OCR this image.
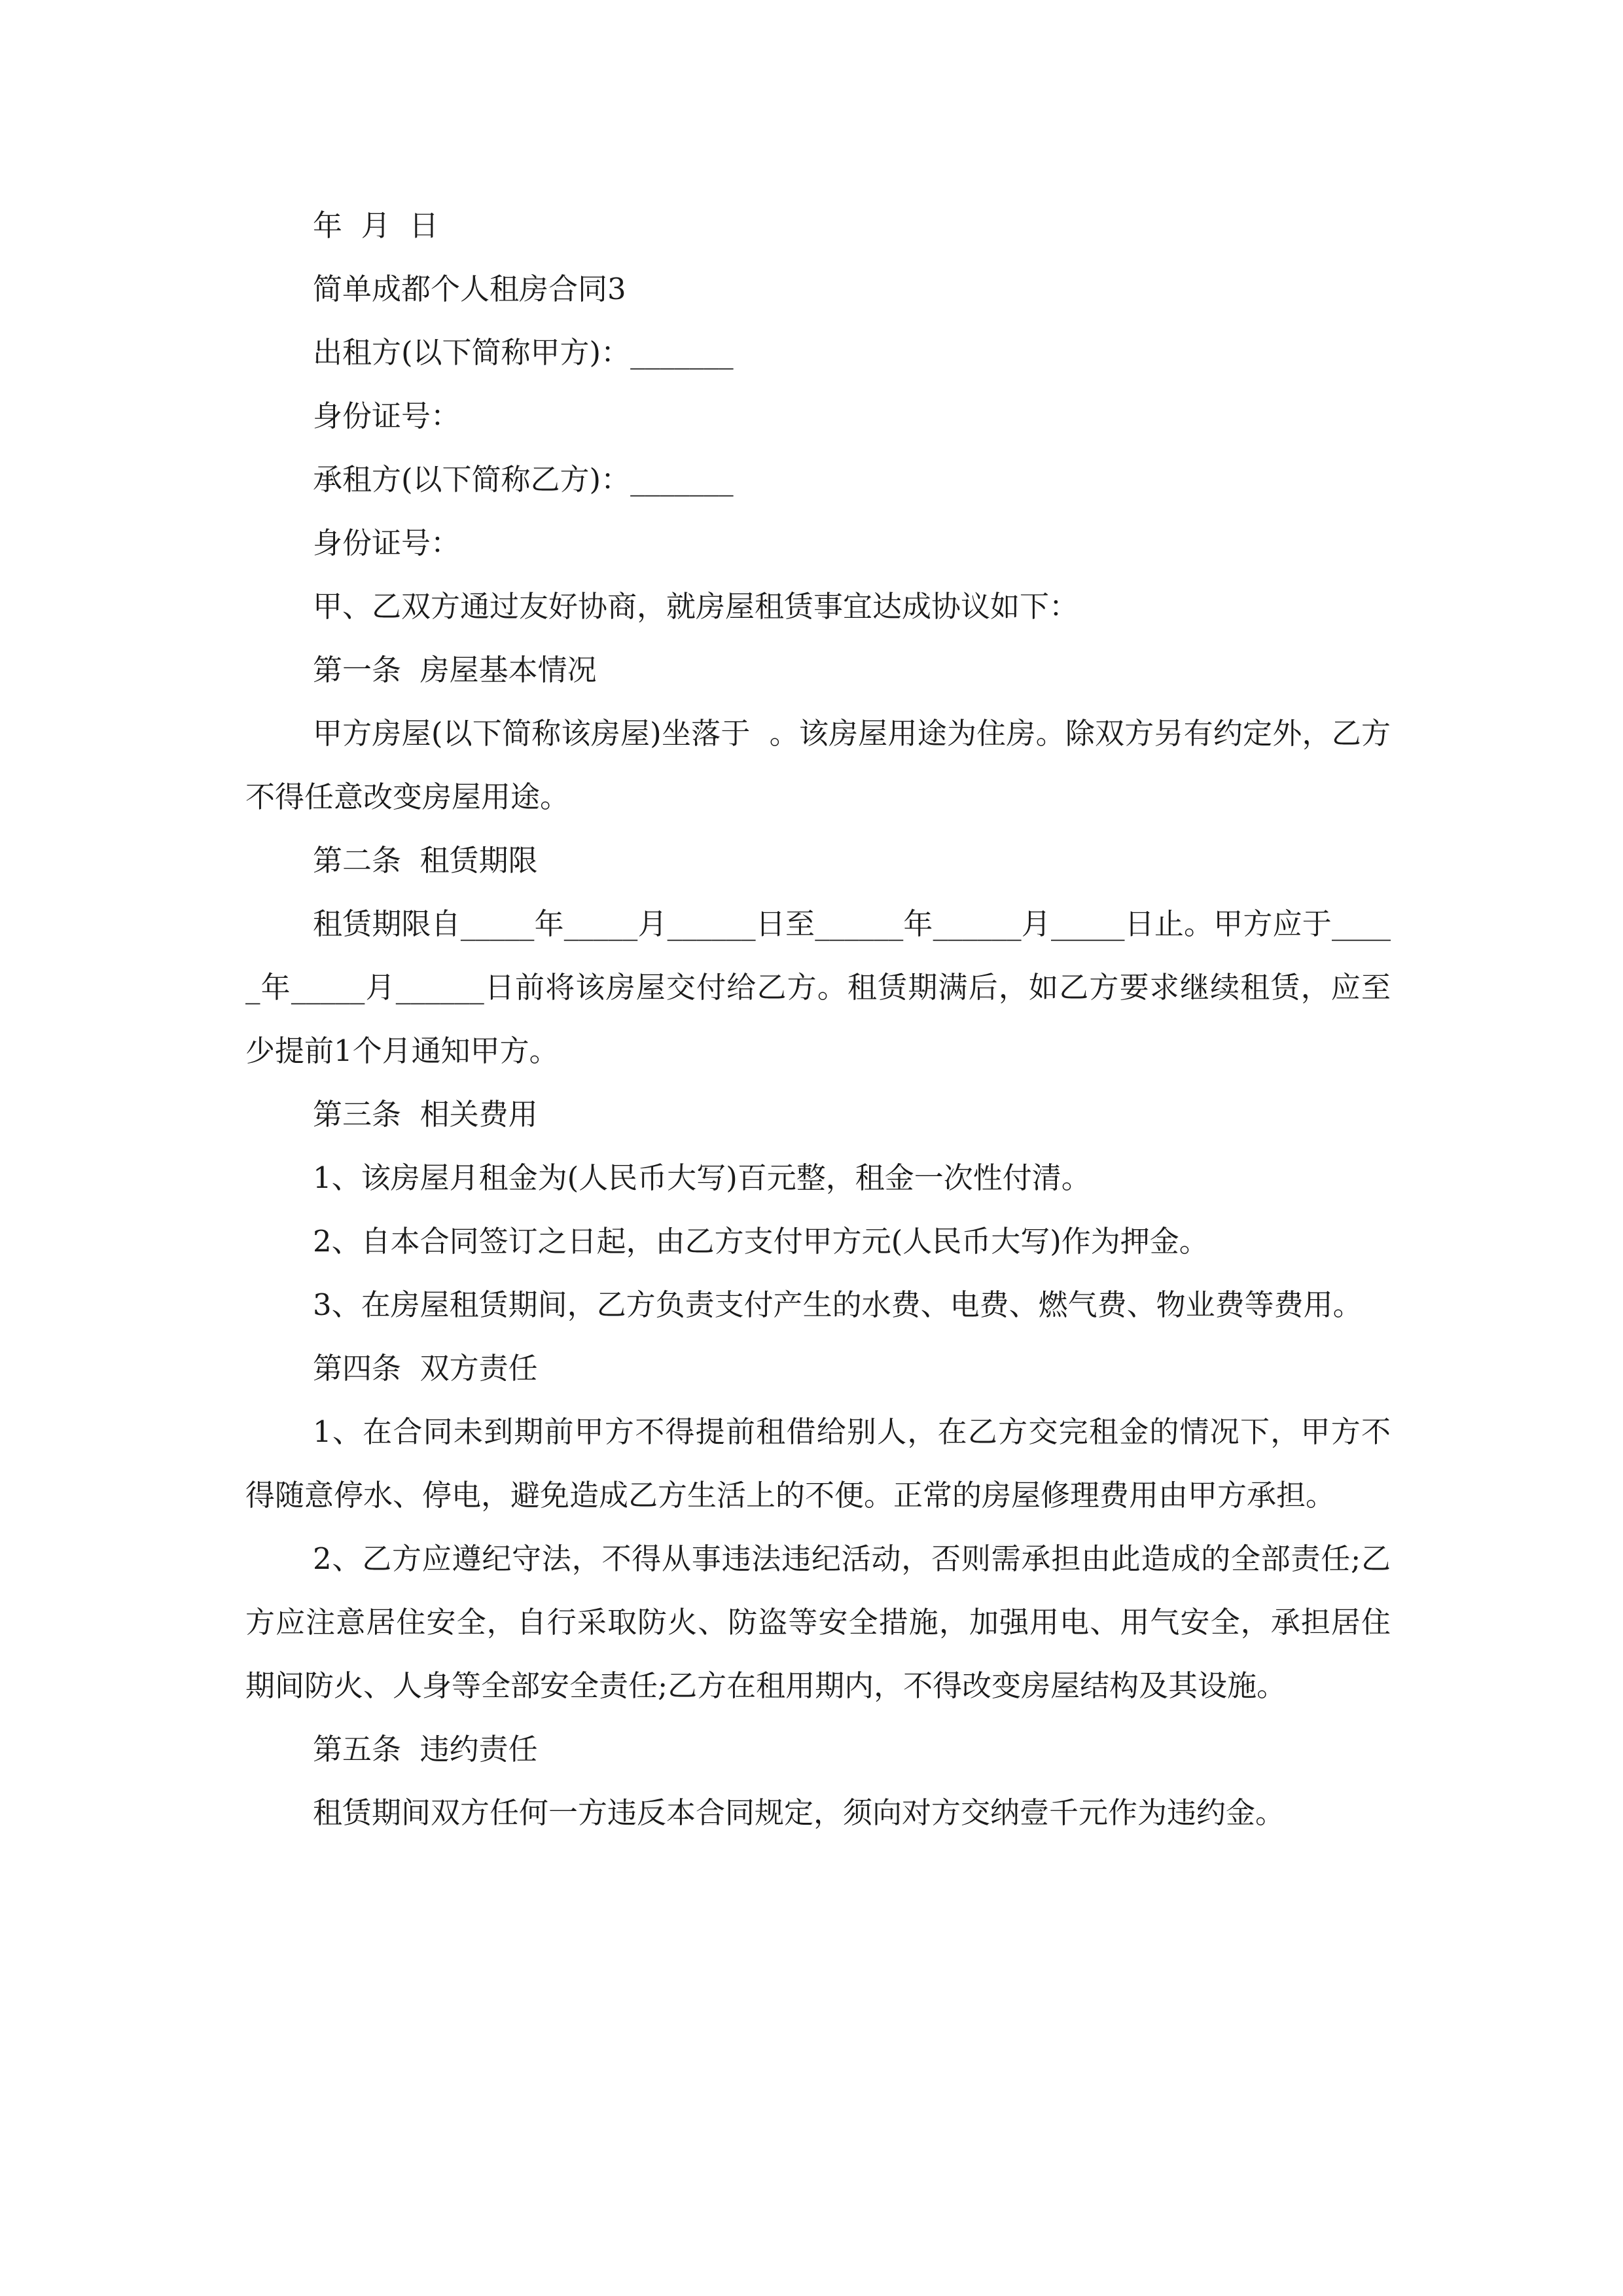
年  月  日

简单成都个人租房合同3

出租方(以下简称甲方)：_______

身份证号：

承租方(以下简称乙方)：_______

身份证号：

甲、乙双方通过友好协商，就房屋租赁事宜达成协议如下：

第一条  房屋基本情况

甲方房屋(以下简称该房屋)坐落于  。该房屋用途为住房。除双方另有约定外，乙方不得任意改变房屋用途。

第二条  租赁期限

租赁期限自_____年_____月______日至______年______月_____日止。甲方应于_____年_____月______日前将该房屋交付给乙方。租赁期满后，如乙方要求继续租赁，应至少提前1个月通知甲方。

第三条  相关费用

1、该房屋月租金为(人民币大写)百元整，租金一次性付清。

2、自本合同签订之日起，由乙方支付甲方元(人民币大写)作为押金。

3、在房屋租赁期间，乙方负责支付产生的水费、电费、燃气费、物业费等费用。

第四条  双方责任

1、在合同未到期前甲方不得提前租借给别人，在乙方交完租金的情况下，甲方不得随意停水、停电，避免造成乙方生活上的不便。正常的房屋修理费用由甲方承担。

2、乙方应遵纪守法，不得从事违法违纪活动，否则需承担由此造成的全部责任;乙方应注意居住安全，自行采取防火、防盗等安全措施，加强用电、用气安全，承担居住期间防火、人身等全部安全责任;乙方在租用期内，不得改变房屋结构及其设施。

第五条  违约责任

租赁期间双方任何一方违反本合同规定，须向对方交纳壹千元作为违约金。
